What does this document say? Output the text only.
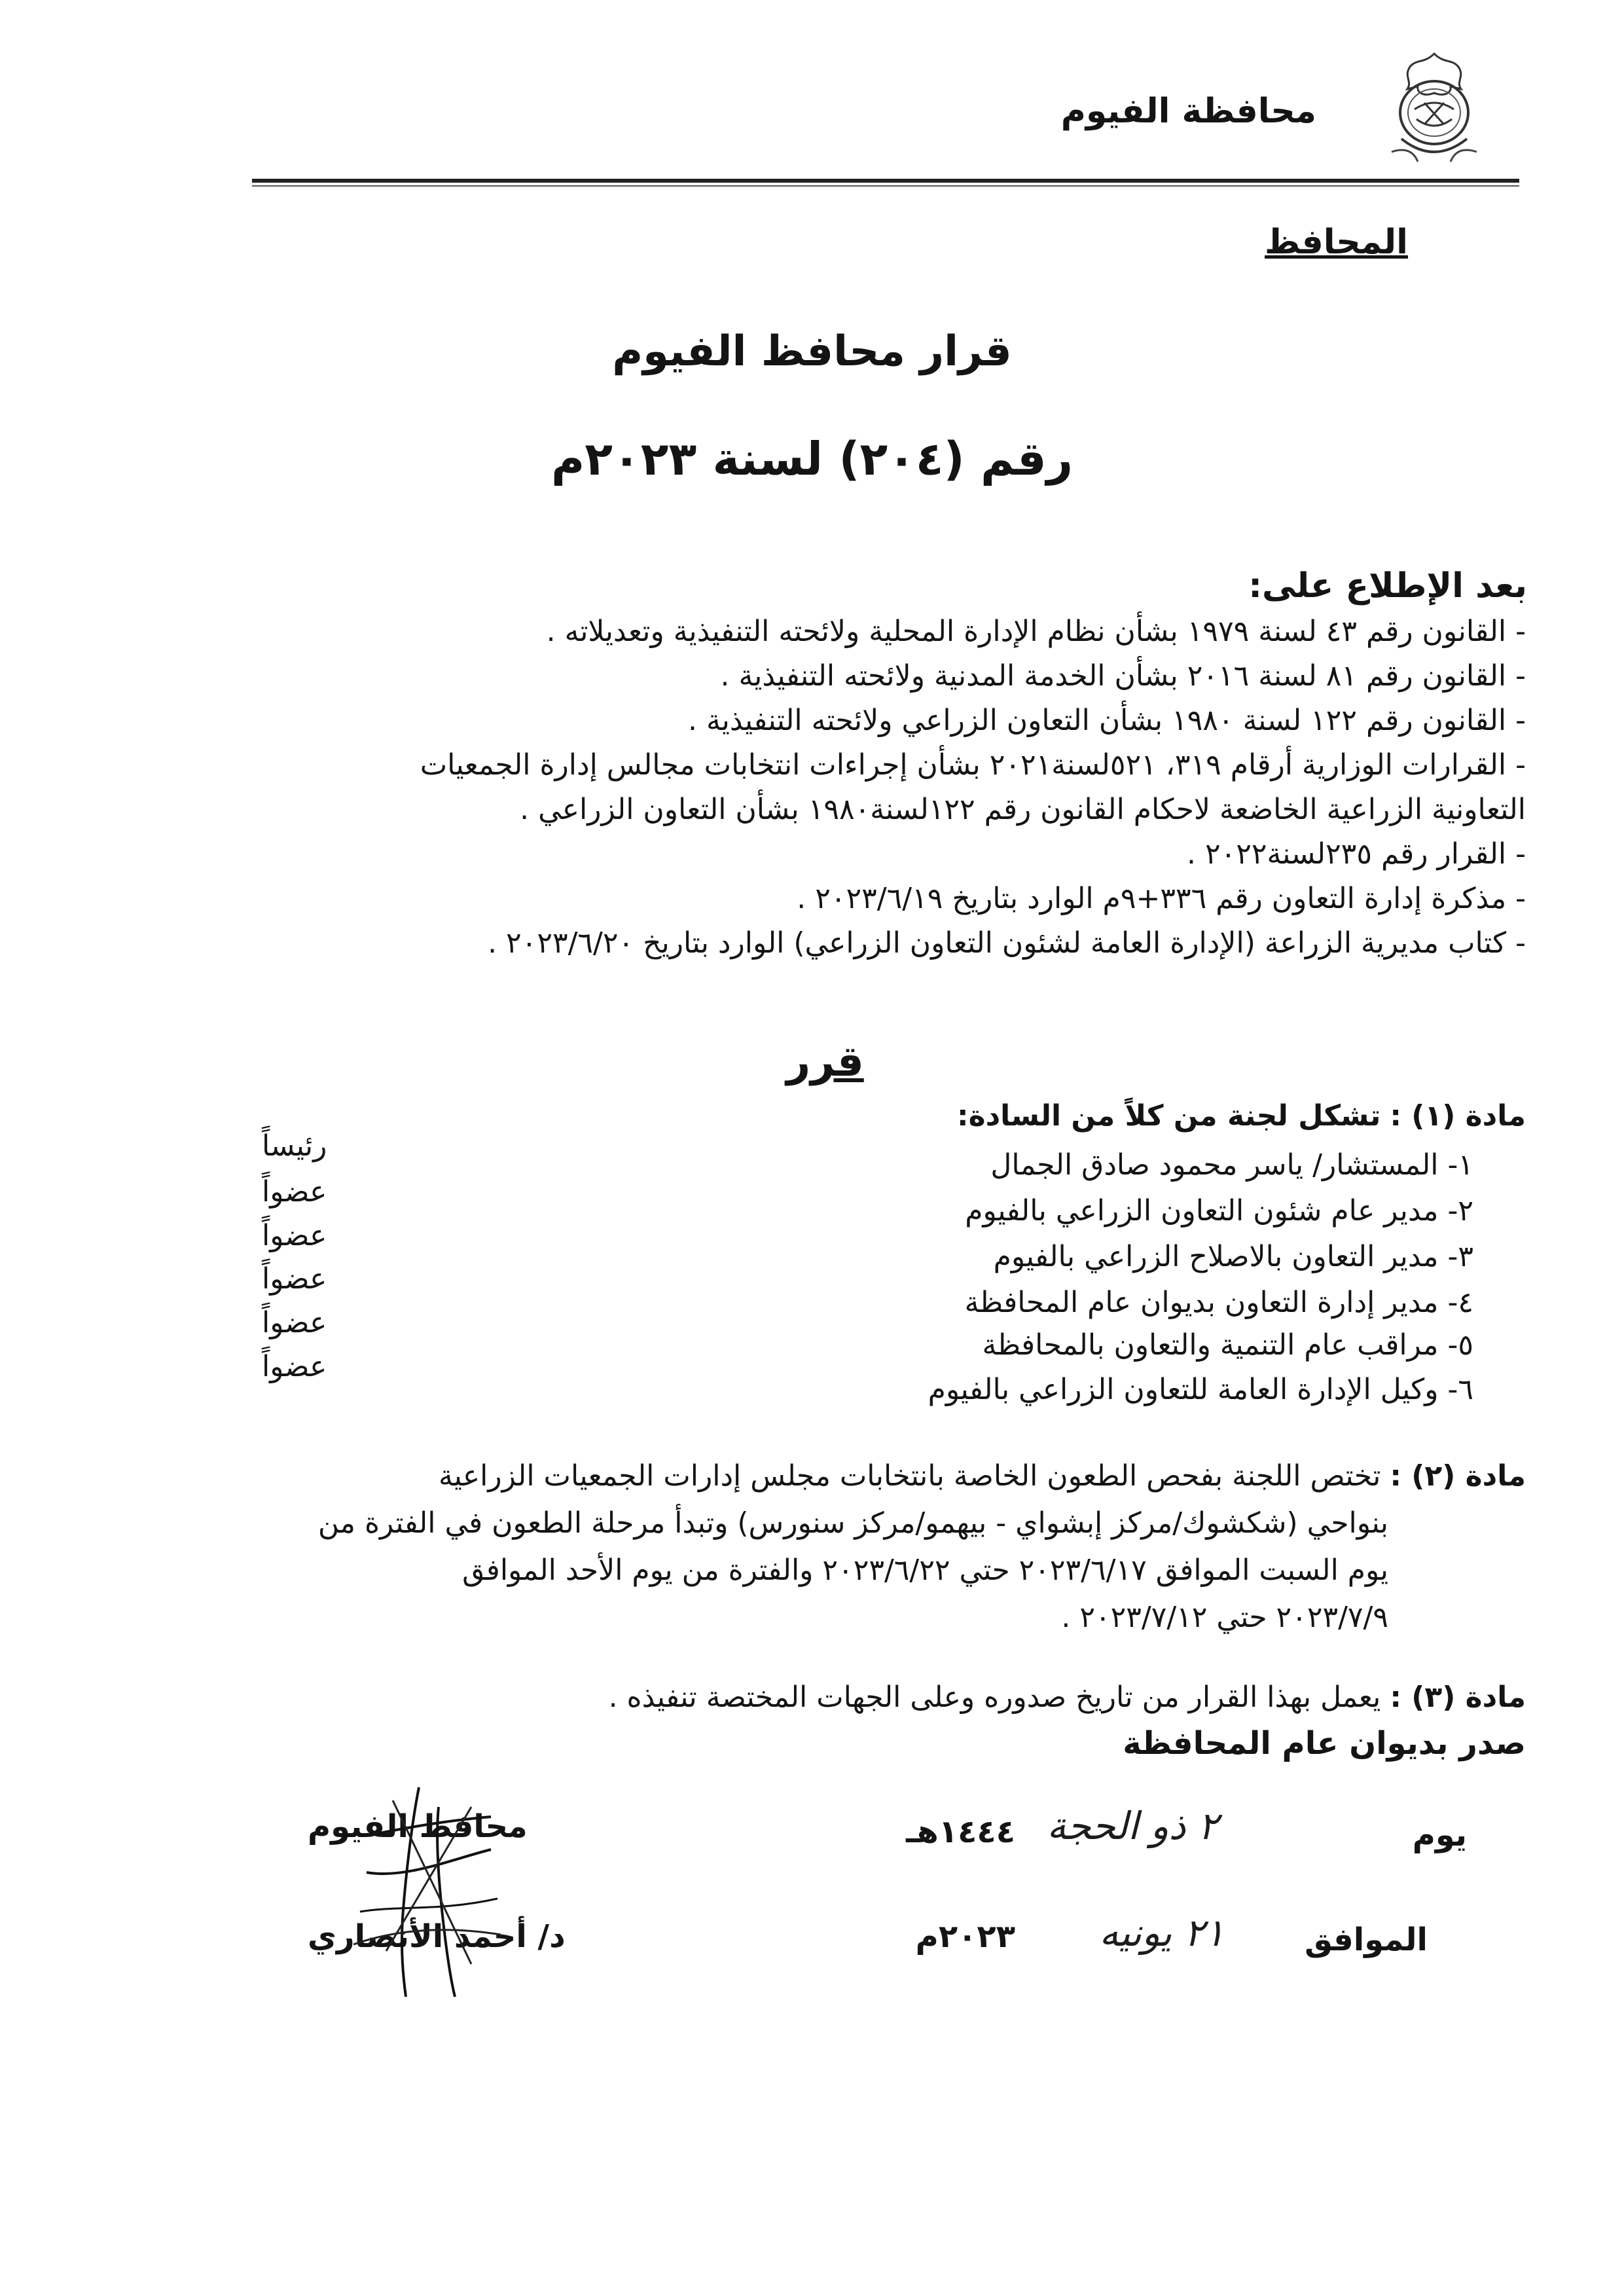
محافظة الفيوم
المحافظ
قرار محافظ الفيوم
رقم (٢٠٤) لسنة ٢٠٢٣م
بعد الإطلاع على:
- القانون رقم ٤٣ لسنة ١٩٧٩ بشأن نظام الإدارة المحلية ولائحته التنفيذية وتعديلاته .
- القانون رقم ٨١ لسنة ٢٠١٦ بشأن الخدمة المدنية ولائحته التنفيذية .
- القانون رقم ١٢٢ لسنة ١٩٨٠ بشأن التعاون الزراعي ولائحته التنفيذية .
- القرارات الوزارية أرقام ٣١٩، ٥٢١لسنة٢٠٢١ بشأن إجراءات انتخابات مجالس إدارة الجمعيات
التعاونية الزراعية الخاضعة لاحكام القانون رقم ١٢٢لسنة١٩٨٠ بشأن التعاون الزراعي .
- القرار رقم ٢٣٥لسنة٢٠٢٢ .
- مذكرة إدارة التعاون رقم ٣٣٦+٩م الوارد بتاريخ ٢٠٢٣/٦/١٩ .
- كتاب مديرية الزراعة (الإدارة العامة لشئون التعاون الزراعي) الوارد بتاريخ ٢٠٢٣/٦/٢٠ .
قرر
مادة (١) : تشكل لجنة من كلاً من السادة:
١- المستشار/ ياسر محمود صادق الجمال
رئيساً
٢- مدير عام شئون التعاون الزراعي بالفيوم
عضواً
٣- مدير التعاون بالاصلاح الزراعي بالفيوم
عضواً
٤- مدير إدارة التعاون بديوان عام المحافظة
عضواً
٥- مراقب عام التنمية والتعاون بالمحافظة
عضواً
٦- وكيل الإدارة العامة للتعاون الزراعي بالفيوم
عضواً
مادة (٢) : تختص اللجنة بفحص الطعون الخاصة بانتخابات مجلس إدارات الجمعيات الزراعية
بنواحي (شكشوك/مركز إبشواي - بيهمو/مركز سنورس) وتبدأ مرحلة الطعون في الفترة من
يوم السبت الموافق ٢٠٢٣/٦/١٧ حتي ٢٠٢٣/٦/٢٢ والفترة من يوم الأحد الموافق
٢٠٢٣/٧/٩ حتي ٢٠٢٣/٧/١٢ .
مادة (٣) : يعمل بهذا القرار من تاريخ صدوره وعلى الجهات المختصة تنفيذه .
صدر بديوان عام المحافظة
يوم
٢ ذو الحجة
١٤٤٤هـ
الموافق
٢١ يونيه
٢٠٢٣م
محافظ الفيوم
د/ أحمد الأنصاري
